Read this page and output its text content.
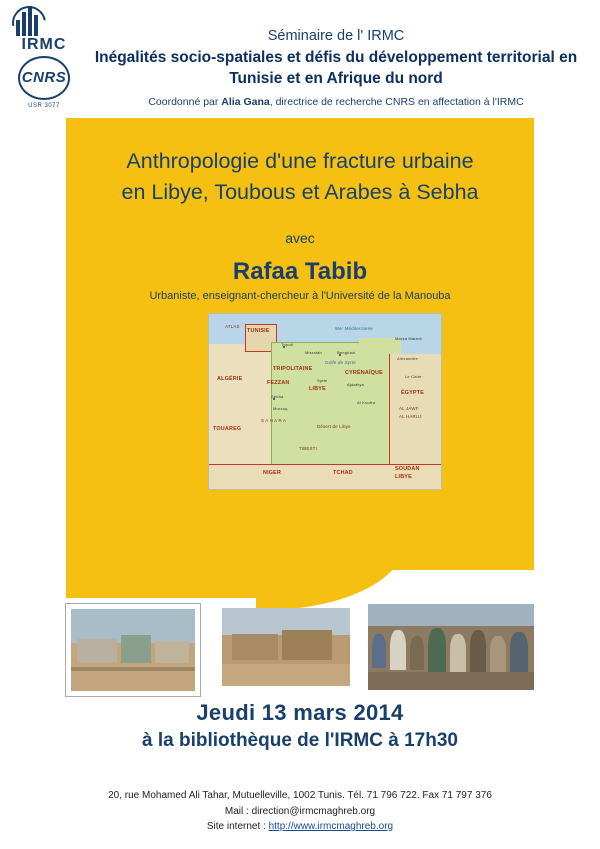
IRMC
CNRS
USR 3077
Séminaire de l' IRMC
Inégalités socio-spatiales et défis du développement territorial en
Tunisie et en Afrique du nord
Coordonné par Alia Gana, directrice de recherche CNRS en affectation à l'IRMC
Anthropologie d'une fracture urbaine
en Libye, Toubous et Arabes à Sebha
avec
Rafaa Tabib
Urbaniste, enseignant-chercheur à l'Université de la Manouba
TUNISIE
ATLAS
Tripoli
Mer Méditerranée
Misratah	Benghazi
Golfe de Syrte
Alexandrie
Marsa Matruh
TRIPOLITAINE
CYRÉNAÏQUE
Le Caire
Syrte
Ajdabiya
ALGÉRIE
FEZZAN
ÉGYPTE
Sebha
LIBYE
Murzuq
Al Koufra
S A H A R A
AL JAWF
AL HARUJ
Désert de Libye
TOUAREG
TIBESTI
NIGER	TCHAD
SOUDAN
LIBYE
Jeudi 13 mars 2014
à la bibliothèque de l'IRMC à 17h30
20, rue Mohamed Ali Tahar, Mutuelleville, 1002 Tunis. Tél. 71 796 722. Fax 71 797 376
Mail : direction@irmcmaghreb.org
Site internet : http://www.irmcmaghreb.org
